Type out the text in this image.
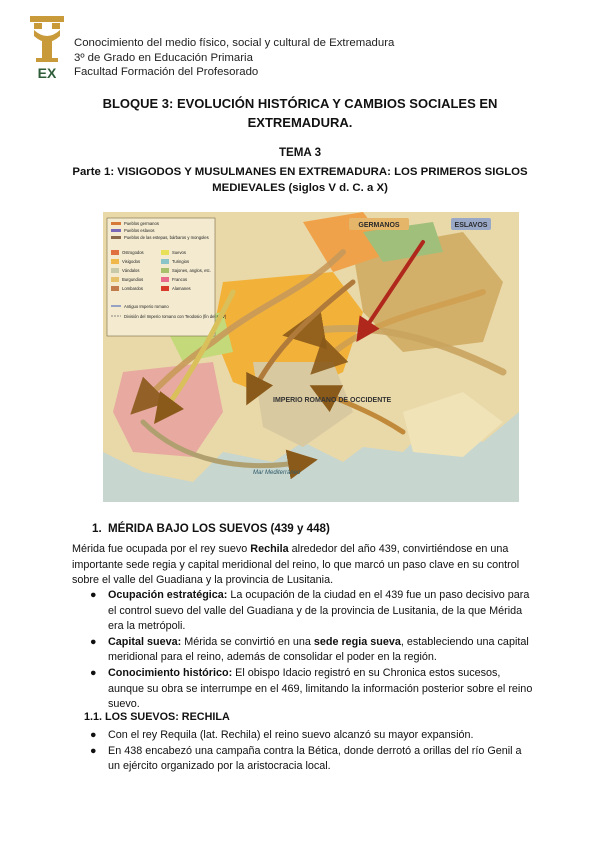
EX
Conocimiento del medio físico, social y cultural de Extremadura
3º de Grado en Educación Primaria
Facultad Formación del Profesorado
BLOQUE 3: EVOLUCIÓN HISTÓRICA Y CAMBIOS SOCIALES EN
EXTREMADURA.
TEMA 3
Parte 1: VISIGODOS Y MUSULMANES EN EXTREMADURA: LOS PRIMEROS SIGLOS
MEDIEVALES (siglos V d. C. a X)
Pueblos germanos
Pueblos eslavos
Pueblos de las estepas, bárbaros y mongoles
Ostrogodos
Visigodos
Vándalos
Burgundios
Lombardos
Suevos
Turingios
Sajones, anglos, etc.
Francos
Alamanes
Antiguo Imperio romano
División del Imperio romano con Teodosio (fin del s. IV)
GERMANOS	ESLAVOS
IMPERIO ROMANO DE OCCIDENTE
Mar Mediterráneo
1. MÉRIDA BAJO LOS SUEVOS (439 y 448)
Mérida fue ocupada por el rey suevo Rechila alrededor del año 439, convirtiéndose en una importante sede regia y capital meridional del reino, lo que marcó un paso clave en su control sobre el valle del Guadiana y la provincia de Lusitania.
● Ocupación estratégica: La ocupación de la ciudad en el 439 fue un paso decisivo para el control suevo del valle del Guadiana y de la provincia de Lusitania, de la que Mérida era la metrópoli.
● Capital sueva: Mérida se convirtió en una sede regia sueva, estableciendo una capital meridional para el reino, además de consolidar el poder en la región.
● Conocimiento histórico: El obispo Idacio registró en su Chronica estos sucesos, aunque su obra se interrumpe en el 469, limitando la información posterior sobre el reino suevo.
1.1. LOS SUEVOS: RECHILA
● Con el rey Requila (lat. Rechila) el reino suevo alcanzó su mayor expansión.
● En 438 encabezó una campaña contra la Bética, donde derrotó a orillas del río Genil a un ejército organizado por la aristocracia local.
